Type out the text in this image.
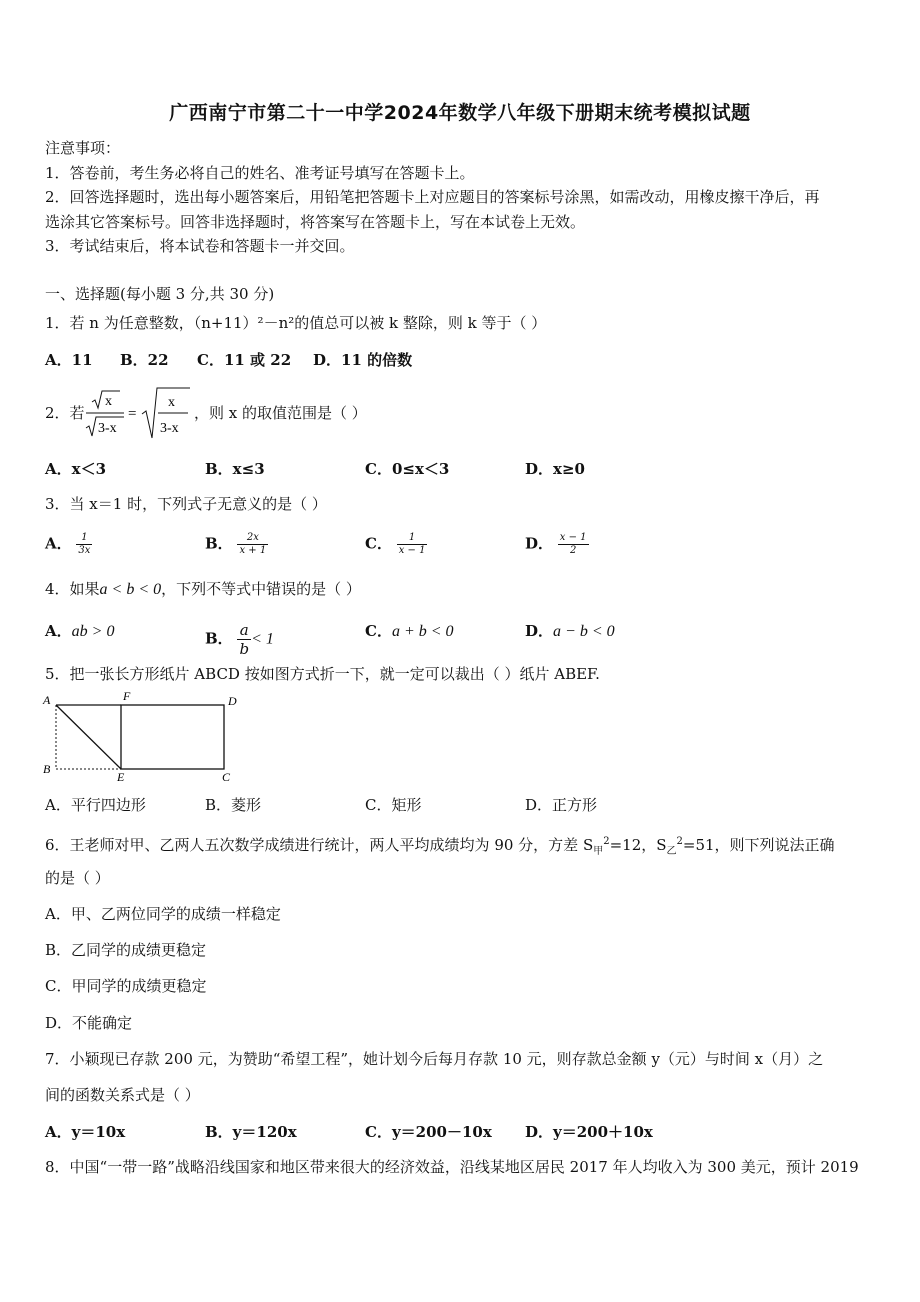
广西南宁市第二十一中学2024年数学八年级下册期末统考模拟试题
注意事项：
1．答卷前，考生务必将自己的姓名、准考证号填写在答题卡上。
2．回答选择题时，选出每小题答案后，用铅笔把答题卡上对应题目的答案标号涂黑，如需改动，用橡皮擦干净后，再
选涂其它答案标号。回答非选择题时，将答案写在答题卡上，写在本试卷上无效。
3．考试结束后，将本试卷和答题卡一并交回。
一、选择题(每小题 3 分,共 30 分)
1．若 n 为任意整数，（n+11）²－n²的值总可以被 k 整除，则 k 等于（ ）
A．11 B．22 C．11 或 22 D．11 的倍数
2．若
x
3-x
=
x
3-x
，则 x 的取值范围是（ ）
A．x＜3	B．x≤3	C．0≤x＜3	D．x≥0
3．当 x＝1 时，下列式子无意义的是（ ）
A． $\frac{1}{3x}$	B． $\frac{2x}{x + 1}$	C． $\frac{1}{x - 1}$	D． $\frac{x - 1}{2}$
4．如果a < b < 0，下列不等式中错误的是（ ）
A．ab > 0	B． $\frac{a}{b} < 1$	C．a + b < 0	D．a − b < 0
5．把一张长方形纸片 ABCD 按如图方式折一下，就一定可以裁出（ ）纸片 ABEF.
A	F	D
B
E	C
A．平行四边形	B．菱形	C．矩形	D．正方形
6．王老师对甲、乙两人五次数学成绩进行统计，两人平均成绩均为 90 分，方差 $S_甲^2=12$，$S_乙^2=51$，则下列说法正确
的是（ ）
A．甲、乙两位同学的成绩一样稳定
B．乙同学的成绩更稳定
C．甲同学的成绩更稳定
D．不能确定
7．小颖现已存款 200 元，为赞助“希望工程”，她计划今后每月存款 10 元，则存款总金额 y（元）与时间 x（月）之
间的函数关系式是（ ）
A．y＝10x	B．y＝120x	C．y＝200－10x D．y＝200＋10x
8．中国“一带一路”战略沿线国家和地区带来很大的经济效益，沿线某地区居民 2017 年人均收入为 300 美元，预计 2019
